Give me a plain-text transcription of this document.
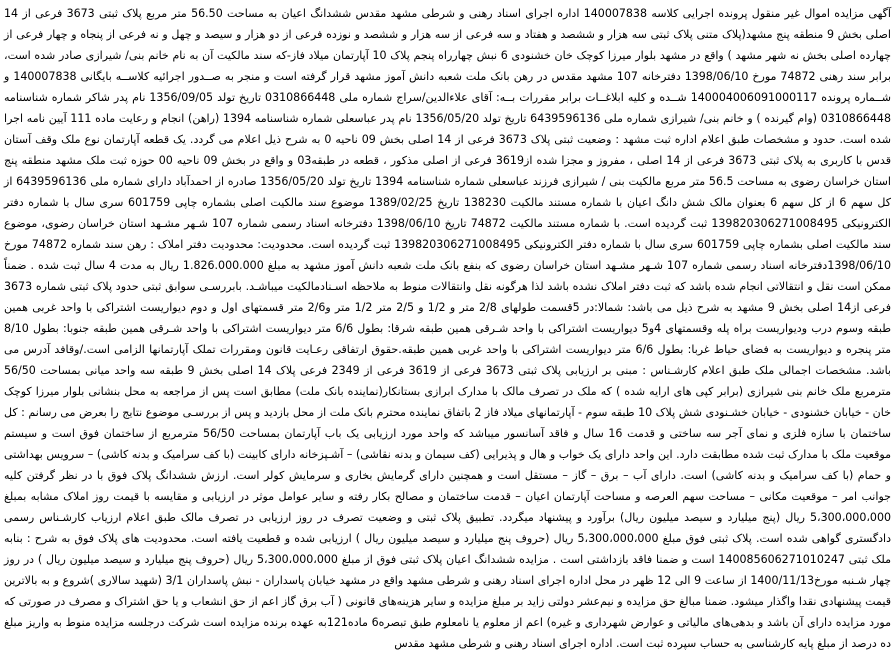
آگهی مزایده اموال غیر منقول پرونده اجرایی کلاسه 140007838 اداره اجرای اسناد رهنی و شرطی مشهد مقدس ششدانگ اعیان به مساحت 56.50 متر مربع پلاک ثبتی 3673 فرعی از 14 اصلی بخش 9 منطقه پنج مشهد(پلاک متنی پلاک ثبتی سه هزار و ششصد و هفتاد و سه فرعی از سه هزار و ششصد و نوزده فرعی از دو هزار و سیصد و چهل و نه فرعی از پنجاه و چهار فرعی از چهارده اصلی بخش نه شهر مشهد ) واقع در مشهد بلوار میرزا کوچک خان خشنودی 6 نبش چهارراه پنجم پلاک 10 آپارتمان میلاد فاز-که سند مالکیت آن به نام خانم بنی/ شیرازی صادر شده است، برابر سند رهنی 74872 مورخ 1398/06/10 دفترخانه 107 مشهد مقدس در رهن بانک ملت شعبه دانش آموز مشهد قرار گرفته است و منجر به صــدور اجرائیه کلاســه بایگانی 140007838 و شــماره پرونده 140004006091000117 شــده و کلیه ابلاغــات برابر مقررات بــه: آقای علاءالدین/سراج شماره ملی 0310866448 تاریخ تولد 1356/09/05 نام پدر شاکر شماره شناسنامه 0310866448 (وام گیرنده ) و خانم بنی/ شیرازی شماره ملی 6439596136 تاریخ تولد 1356/05/20 نام پدر عباسعلی شماره شناسنامه 1394 (راهن) انجام و رعایت ماده 111 آیین نامه اجرا شده است. حدود و مشخصات طبق اعلام اداره ثبت مشهد : وضعیت ثبتی پلاک 3673 فرعی از 14 اصلی بخش 09 ناحیه 0 به شرح ذیل اعلام می گردد. یک قطعه آپارتمان نوع ملک وقف آستان قدس با کاربری به پلاک ثبتی 3673 فرعی از 14 اصلی ، مفروز و مجزا شده از3619 فرعی از اصلی مذکور ، قطعه در طبقه03 و واقع در بخش 09 ناحیه 00 حوزه ثبت ملک مشهد منطقه پنج استان خراسان رضوی به مساحت 56.5 متر مربع مالکیت بنی / شیرازی فرزند عباسعلی شماره شناسنامه 1394 تاریخ تولد 1356/05/20 صادره از احمدآباد دارای شماره ملی 6439596136 از کل سهم 6 از کل سهم 6 بعنوان مالک شش دانگ اعیان با شماره مستند مالکیت 138230 تاریخ 1389/02/25 موضوع سند مالکیت اصلی بشماره چاپی 601759 سری سال با شماره دفتر الکترونیکی 139820306271008495 ثبت گردیده است. با شماره مستند مالکیت 74872 تاریخ 1398/06/10 دفترخانه اسناد رسمی شماره 107 شـهر مشـهد استان خراسان رضوی، موضوع سند مالکیت اصلی بشماره چاپی 601759 سری سال با شماره دفتر الکترونیکی 139820306271008495 ثبت گردیده است. محدودیت: محدودیت دفتر املاک : رهن سند شماره 74872 مورخ 1398/06/10دفترخانه اسناد رسمی شماره 107 شـهر مشـهد استان خراسان رضوی که بنفع بانک ملت شعبه دانش آموز مشهد به مبلغ 1.826.000.000 ریال به مدت 4 سال ثبت شده . ضمناً ممکن است نقل و انتقالاتی انجام شده باشد که ثبت دفتر املاک نشده باشد لذا هرگونه نقل وانتقالات منوط به ملاحظه اسـنادمالکیت میباشـد. بابررسـی سوابق ثبتی حدود پلاک ثبتی شماره 3673 فرعی از14 اصلی بخش 9 مشهد به شرح ذیل می باشد: شمالا:در 5قسمت طولهای 2/8 متر و 1/2 و 2/5 متر 1/2 متر و2/6 متر قسمتهای اول و دوم دیواریست اشتراکی با واحد غربی همین طبقه وسوم درب ودیواریست براه پله وقسمتهای 4و5 دیواریست اشتراکی با واحد شـرقی همین طبقه شرقا: بطول 6/6 متر دیواریست اشتراکی با واحد شـرقی همین طبقه جنوبا: بطول 8/10 متر پنجره و دیواریست به فضای حیاط غربا: بطول 6/6 متر دیواریست اشتراکی با واحد غربی همین طبقه.حقوق ارتفاقی رعـایت قانون ومقررات تملک آپارتمانها الزامی است./وقافد آدرس می باشد. مشخصات اجمالی ملک طبق اعلام کارشـناس : مبنی بر ارزیابی پلاک ثبتی 3673 فرعی از 3619 فرعی از 2349 فرعی پلاک 14 اصلی بخش 9 طبقه سه واحد میانی بمساحت 56/50 مترمربع ملک خانم بنی شیرازی (برابر کپی های ارایه شده ) که ملک در تصرف مالک با مدارک ابرازی بستانکار(نماینده بانک ملت) مطابق است پس از مراجعه به محل بنشانی بلوار میرزا کوچک خان - خیابان خشنودی - خیابان خشـنودی شش پلاک 10 طبقه سوم - آپارتمانهای میلاد فاز 2 باتفاق نماینده محترم بانک ملت از محل بازدید و پس از بررسـی موضوع نتایج را بعرض می رسانم : کل ساختمان با سازه فلزی و نمای آجر سه ساختی و قدمت 16 سال و فاقد آسانسور میباشد که واحد مورد ارزیابی یک باب آپارتمان بمساحت 56/50 مترمربع از ساختمان فوق است و سیستم موقعیت ملک با مدارک ثبت شده مطابقت دارد. این واحد دارای یک خواب و هال و پذیرایی (کف سیمان و بدنه نقاشی) – آشـپزخانه دارای کابینت (با کف سرامیک و بدنه کاشی) – سرویس بهداشتی و حمام (با کف سرامیک و بدنه کاشی) است. دارای آب – برق – گاز – مستقل است و همچنین دارای گرمایش بخاری و سرمایش کولر است. ارزش ششدانگ پلاک فوق با در نظر گرفتن کلیه جوانب امر – موقعیت مکانی – مساحت سهم العرصه و مساحت آپارتمان اعیان – قدمت ساختمان و مصالح بکار رفته و سایر عوامل موثر در ارزیابی و مقایسه با قیمت روز املاک مشابه بمبلغ 5،300،000،000 ریال (پنج میلیارد و سیصد میلیون ریال) برآورد و پیشنهاد میگردد. تطبیق پلاک ثبتی و وضعیت تصرف در روز ارزیابی در تصرف مالک طبق اعلام ارزیاب کارشـناس رسمی دادگستری گواهی شده است. پلاک ثبتی فوق مبلغ 5،300،000،000 ریال (حروف پنج میلیارد و سیصد میلیون ریال ) ارزیابی شده و قطعیت یافته است. محدودیت های پلاک فوق به شرح : بنابه ملک ثبتی 140085606271010247 است و ضمنا فاقد بازداشتی است . مزایده ششدانگ اعیان پلاک ثبتی فوق از مبلغ 5،300،000،000 ریال (حروف پنج میلیارد و سیصد میلیون ریال ) در روز چهار شـنبه مورخ1400/11/13 از ساعت 9 الی 12 ظهر در محل اداره اجرای اسناد رهنی و شرطی مشهد واقع در مشهد خیابان پاسداران - نبش پاسداران 3/1 (شهید سالاری )شروع و به بالاترین قیمت پیشنهادی نقدا واگذار میشود. ضمنا مبالغ حق مزایده و نیم‌عشر دولتی زاید بر مبلغ مزایده و سایر هزینه‌های قانونی ( آب برق گاز اعم از حق انشعاب و یا حق اشتراک و مصرف در صورتی که مورد مزایده دارای آن باشد و بدهی‌های مالیاتی و عوارض شهرداری و غیره) اعم از معلوم یا نامعلوم طبق تبصره6 ماده121به عهده برنده مزایده است شرکت درجلسه مزایده منوط به واریز مبلغ ده درصد از مبلغ پایه کارشناسی به حساب سپرده ثبت است. اداره اجرای اسناد رهنی و شرطی مشهد مقدس
